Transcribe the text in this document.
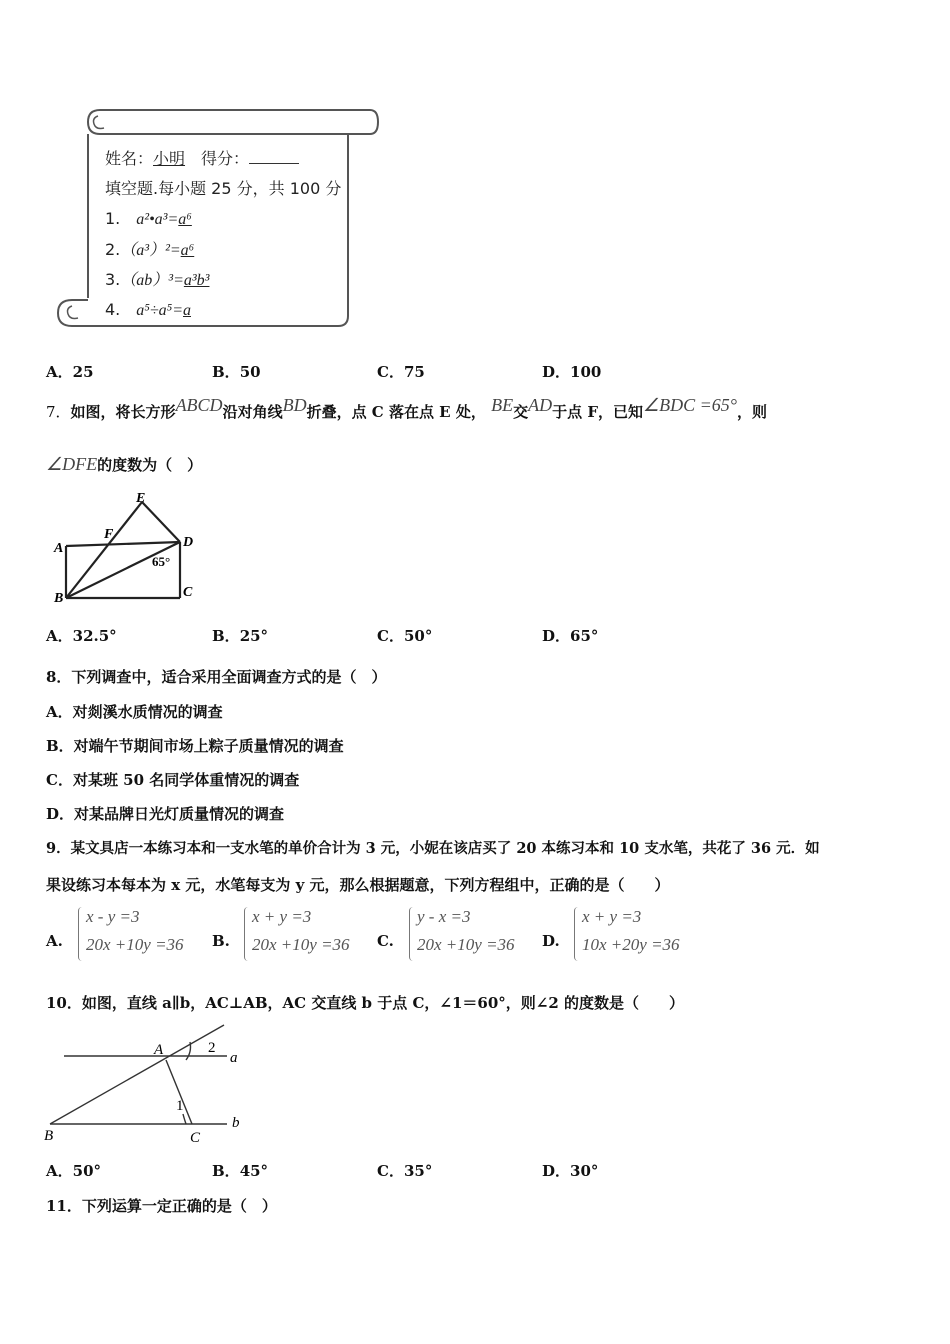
姓名：小明　 得分：
填空题.每小题 25 分，共 100 分
1.　 a²•a³=a⁶
2.（a³）²=a⁶
3.（ab）³=a³b³
4.　 a⁵÷a⁵=a
A．25	B．50	C．75	D．100
7．如图，将长方形$^{ABCD}$沿对角线$^{BD}$折叠，点 C 落在点 E 处， $^{BE}$交$^{AD}$于点 F，已知$^{\angle BDC =65^\circ}$，则
∠DFE的度数为（　）
E
F
A	D
65°
C
B
A．32.5°	B．25°	C．50°	D．65°
8．下列调查中，适合采用全面调查方式的是（　）
A．对剡溪水质情况的调查
B．对端午节期间市场上粽子质量情况的调查
C．对某班 50 名同学体重情况的调查
D．对某品牌日光灯质量情况的调查
9．某文具店一本练习本和一支水笔的单价合计为 3 元，小妮在该店买了 20 本练习本和 10 支水笔，共花了 36 元．如
果设练习本每本为 x 元，水笔每支为 y 元，那么根据题意，下列方程组中，正确的是（　　）
A.
x - y =3
20x +10y =36 B.
x + y =3
20x +10y =36 C.
y - x =3
20x +10y =36 D.
x + y =3
10x +20y =36
10．如图，直线 a∥b，AC⊥AB，AC 交直线 b 于点 C，∠1＝60°，则∠2 的度数是（　　）
A	2
a
1
b
B	C
A．50°	B．45°	C．35°	D．30°
11．下列运算一定正确的是（　）
